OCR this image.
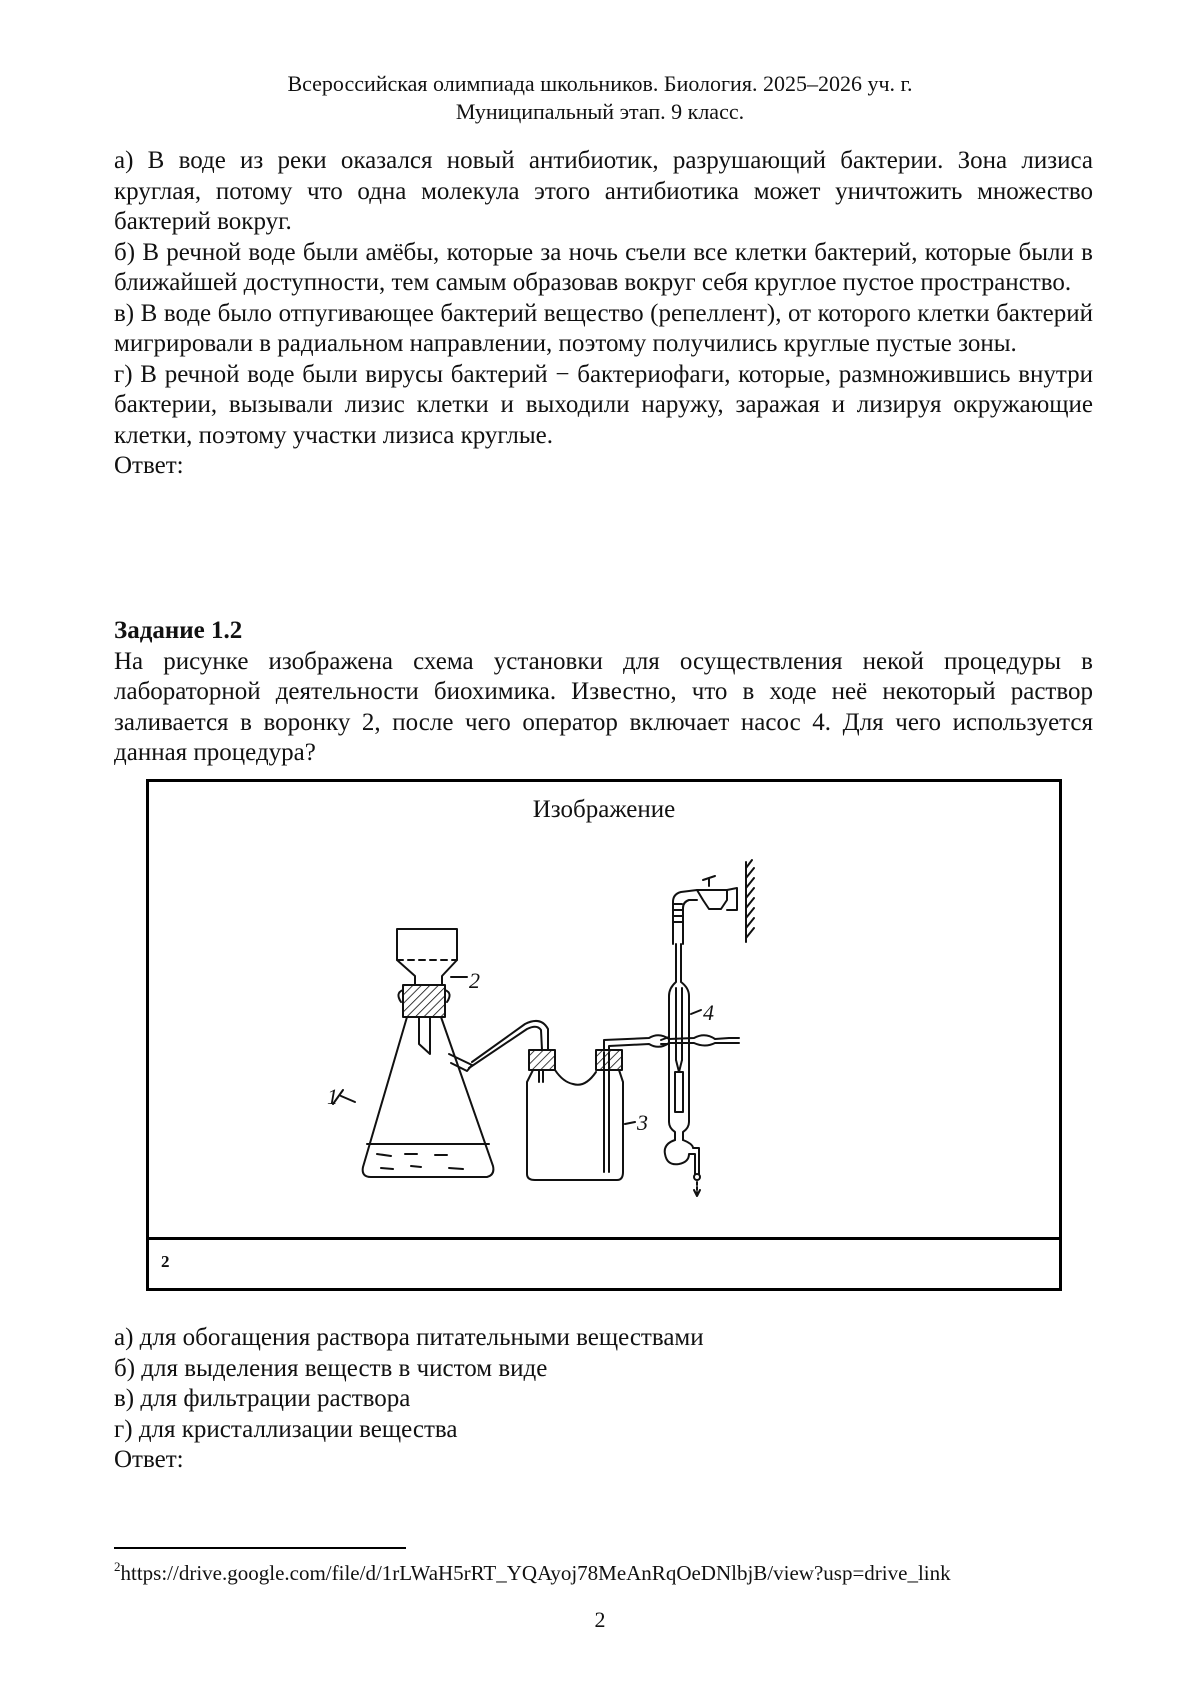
Всероссийская олимпиада школьников. Биология. 2025–2026 уч. г.
Муниципальный этап. 9 класс.

а) В воде из реки оказался новый антибиотик, разрушающий бактерии. Зона лизиса круглая, потому что одна молекула этого антибиотика может уничтожить множество бактерий вокруг.

б) В речной воде были амёбы, которые за ночь съели все клетки бактерий, которые были в ближайшей доступности, тем самым образовав вокруг себя круглое пустое пространство.

в) В воде было отпугивающее бактерий вещество (репеллент), от которого клетки бактерий мигрировали в радиальном направлении, поэтому получились круглые пустые зоны.

г) В речной воде были вирусы бактерий − бактериофаги, которые, размножившись внутри бактерии, вызывали лизис клетки и выходили наружу, заражая и лизируя окружающие клетки, поэтому участки лизиса круглые.

Ответ:

Задание 1.2

На рисунке изображена схема установки для осуществления некой процедуры в лабораторной деятельности биохимика. Известно, что в ходе неё некоторый раствор заливается в воронку 2, после чего оператор включает насос 4. Для чего используется данная процедура?

Изображение
2
1
3
4
2

а) для обогащения раствора питательными веществами

б) для выделения веществ в чистом виде

в) для фильтрации раствора

г) для кристаллизации вещества

Ответ:

$^2$https://drive.google.com/file/d/1rLWaH5rRT_YQAyoj78MeAnRqOeDNlbjB/view?usp=drive_link
2
